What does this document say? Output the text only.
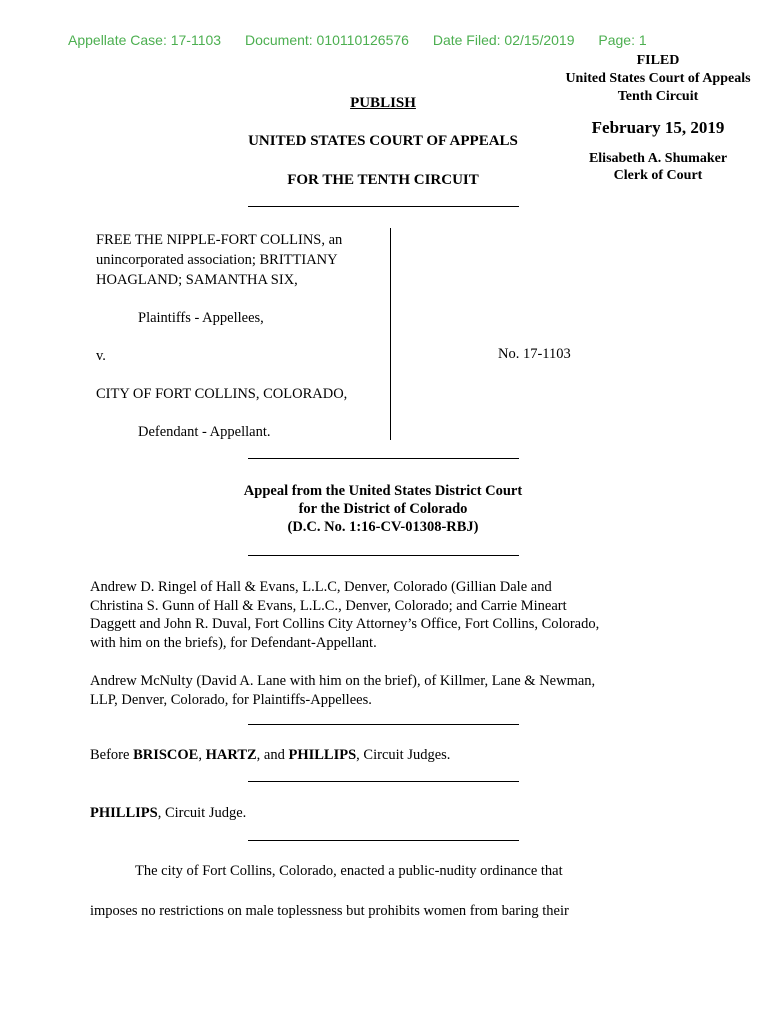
Appellate Case: 17-1103 Document: 010110126576 Date Filed: 02/15/2019 Page: 1
FILED
United States Court of Appeals
Tenth Circuit
February 15, 2019
Elisabeth A. Shumaker
Clerk of Court
PUBLISH
UNITED STATES COURT OF APPEALS
FOR THE TENTH CIRCUIT
FREE THE NIPPLE-FORT COLLINS, an
unincorporated association; BRITTIANY
HOAGLAND; SAMANTHA SIX,
Plaintiffs - Appellees,
v.
CITY OF FORT COLLINS, COLORADO,
Defendant - Appellant.
No. 17-1103
Appeal from the United States District Court
for the District of Colorado
(D.C. No. 1:16-CV-01308-RBJ)
Andrew D. Ringel of Hall & Evans, L.L.C, Denver, Colorado (Gillian Dale and
Christina S. Gunn of Hall & Evans, L.L.C., Denver, Colorado; and Carrie Mineart
Daggett and John R. Duval, Fort Collins City Attorney’s Office, Fort Collins, Colorado,
with him on the briefs), for Defendant-Appellant.
Andrew McNulty (David A. Lane with him on the brief), of Killmer, Lane & Newman,
LLP, Denver, Colorado, for Plaintiffs-Appellees.
Before BRISCOE, HARTZ, and PHILLIPS, Circuit Judges.
PHILLIPS, Circuit Judge.
The city of Fort Collins, Colorado, enacted a public-nudity ordinance that
imposes no restrictions on male toplessness but prohibits women from baring their
